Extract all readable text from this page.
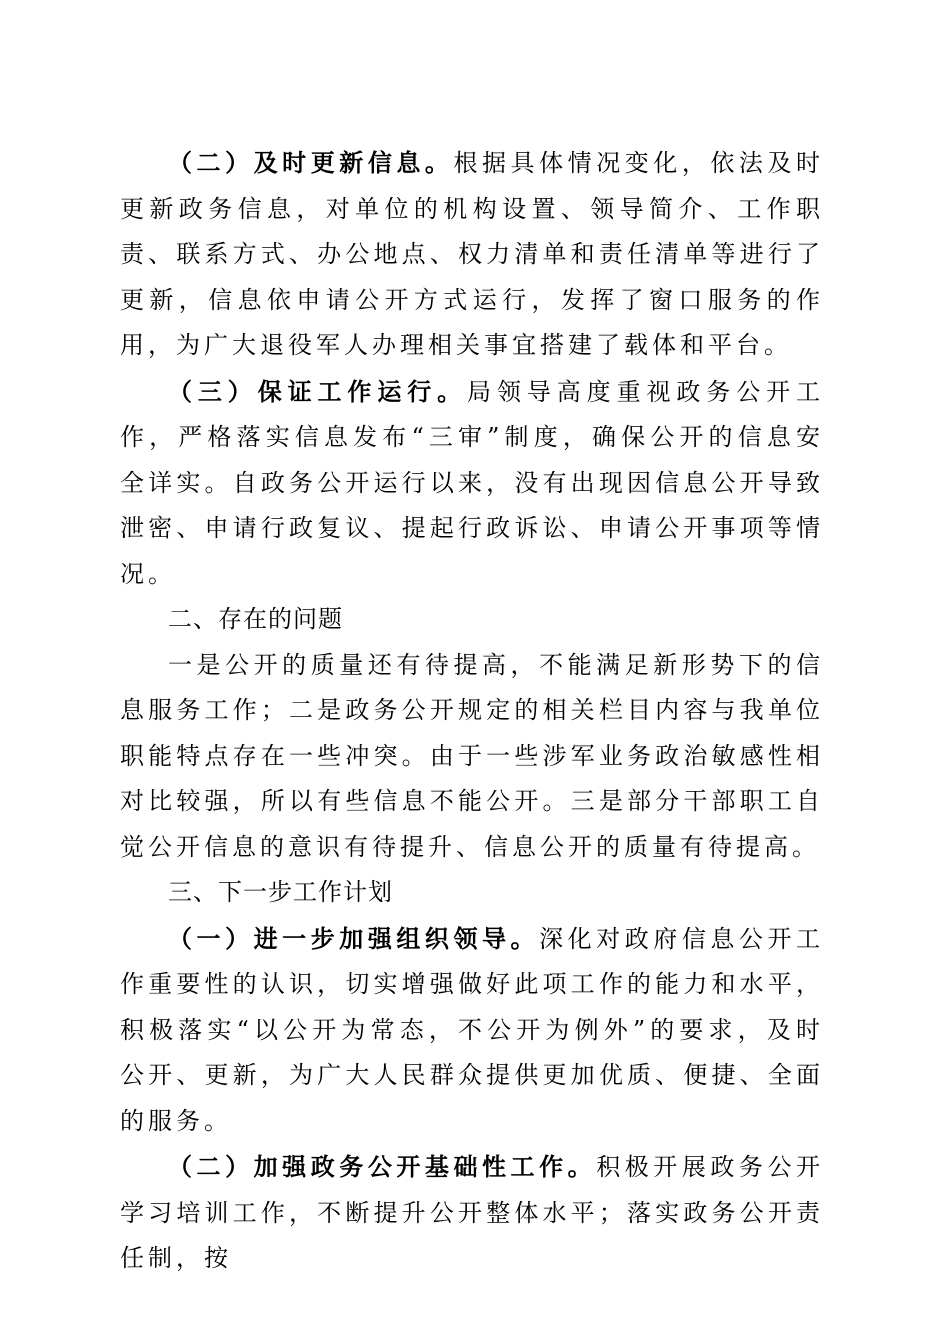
（二）及时更新信息。根据具体情况变化，依法及时更新政务信息，对单位的机构设置、领导简介、工作职责、联系方式、办公地点、权力清单和责任清单等进行了更新，信息依申请公开方式运行，发挥了窗口服务的作用，为广大退役军人办理相关事宜搭建了载体和平台。

（三）保证工作运行。局领导高度重视政务公开工作，严格落实信息发布“三审”制度，确保公开的信息安全详实。自政务公开运行以来，没有出现因信息公开导致泄密、申请行政复议、提起行政诉讼、申请公开事项等情况。

二、存在的问题

一是公开的质量还有待提高，不能满足新形势下的信息服务工作；二是政务公开规定的相关栏目内容与我单位职能特点存在一些冲突。由于一些涉军业务政治敏感性相对比较强，所以有些信息不能公开。三是部分干部职工自觉公开信息的意识有待提升、信息公开的质量有待提高。

三、下一步工作计划

（一）进一步加强组织领导。深化对政府信息公开工作重要性的认识，切实增强做好此项工作的能力和水平，积极落实“以公开为常态，不公开为例外”的要求，及时公开、更新，为广大人民群众提供更加优质、便捷、全面的服务。

（二）加强政务公开基础性工作。积极开展政务公开学习培训工作，不断提升公开整体水平；落实政务公开责任制，按
